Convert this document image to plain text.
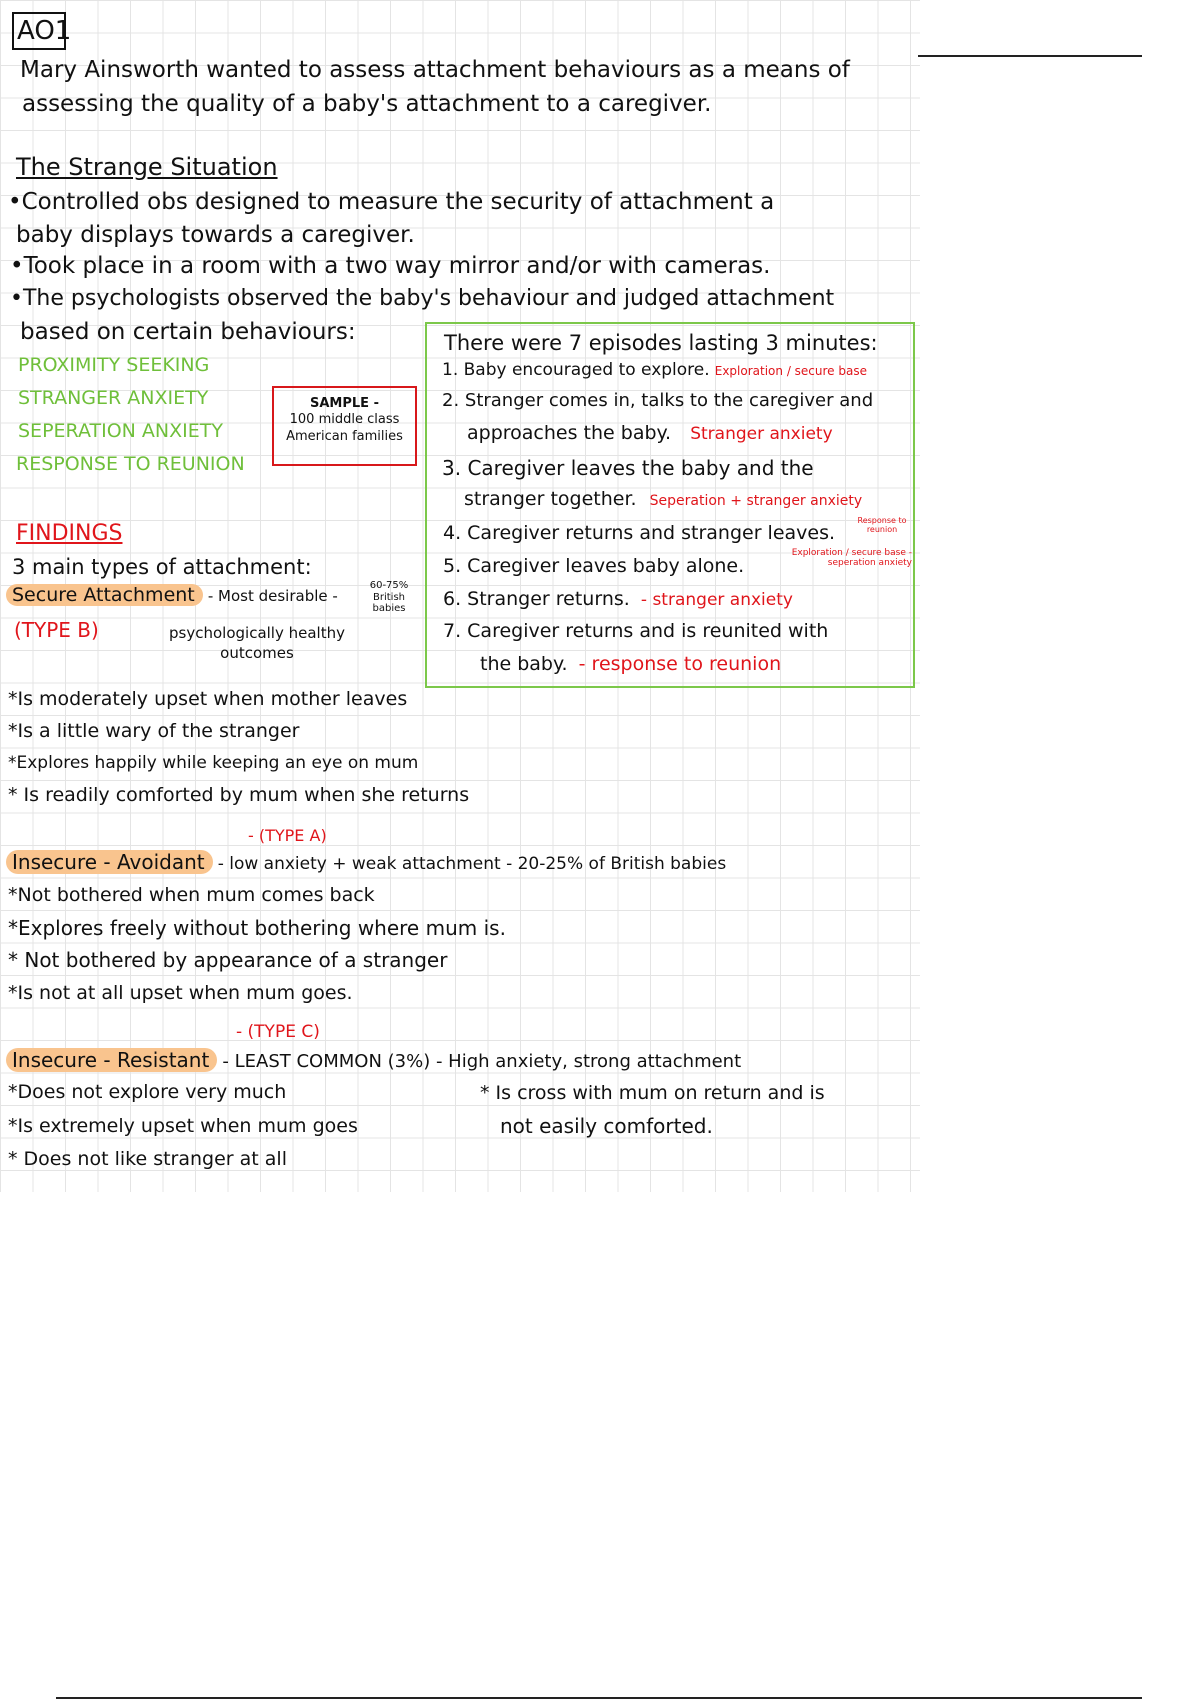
AO1
Mary Ainsworth wanted to assess attachment behaviours as a means of
assessing the quality of a baby's attachment to a caregiver.
The Strange Situation
•Controlled obs designed to measure the security of attachment a
baby displays towards a caregiver.
•Took place in a room with a two way mirror and/or with cameras.
•The psychologists observed the baby's behaviour and judged attachment
based on certain behaviours:
PROXIMITY SEEKING
STRANGER ANXIETY
SEPERATION ANXIETY
RESPONSE TO REUNION
SAMPLE -
100 middle class
American families
There were 7 episodes lasting 3 minutes:
1. Baby encouraged to explore. Exploration / secure base
2. Stranger comes in, talks to the caregiver and
approaches the baby. Stranger anxiety
3. Caregiver leaves the baby and the
stranger together. Seperation + stranger anxiety
4. Caregiver returns and stranger leaves.
Response to reunion
5. Caregiver leaves baby alone.
Exploration / secure base - seperation anxiety
6. Stranger returns. - stranger anxiety
7. Caregiver returns and is reunited with
the baby. - response to reunion
FINDINGS
3 main types of attachment:
Secure Attachment - Most desirable -
60-75% British babies
(TYPE B)	psychologically healthy outcomes
*Is moderately upset when mother leaves
*Is a little wary of the stranger
*Explores happily while keeping an eye on mum
* Is readily comforted by mum when she returns
- (TYPE A)
Insecure - Avoidant - low anxiety + weak attachment - 20-25% of British babies
*Not bothered when mum comes back
*Explores freely without bothering where mum is.
* Not bothered by appearance of a stranger
*Is not at all upset when mum goes.
- (TYPE C)
Insecure - Resistant - LEAST COMMON (3%) - High anxiety, strong attachment
*Does not explore very much
*Is extremely upset when mum goes
* Does not like stranger at all
* Is cross with mum on return and is
not easily comforted.
